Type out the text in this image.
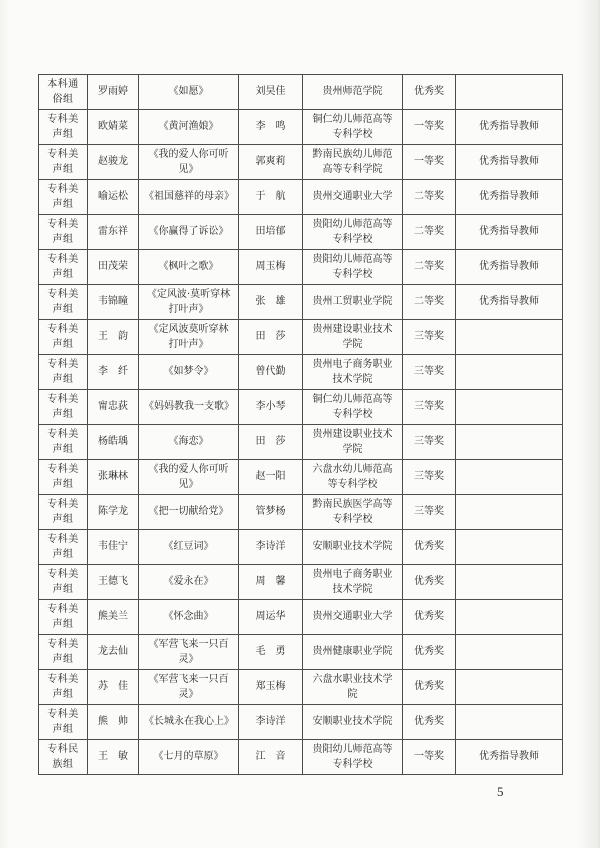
本科通俗组	罗雨婷	《如愿》	刘昊佳	贵州师范学院	优秀奖	
专科美声组	欧婧菜	《黄河渔娘》	李　鸣	铜仁幼儿师范高等专科学校	一等奖	优秀指导教师
专科美声组	赵骏龙	《我的爱人你可听见》	郭爽莉	黔南民族幼儿师范高等专科学院	一等奖	优秀指导教师
专科美声组	喻运松	《祖国慈祥的母亲》	于　航	贵州交通职业大学	二等奖	优秀指导教师
专科美声组	雷东祥	《你赢得了诉讼》	田培郁	贵阳幼儿师范高等专科学校	二等奖	优秀指导教师
专科美声组	田茂荣	《枫叶之歌》	周玉梅	贵阳幼儿师范高等专科学校	二等奖	优秀指导教师
专科美声组	韦锦瞳	《定风波·莫听穿林打叶声》	张　雄	贵州工贸职业学院	二等奖	优秀指导教师
专科美声组	王　韵	《定风波莫听穿林打叶声》	田　莎	贵州建设职业技术学院	三等奖	
专科美声组	李　纤	《如梦令》	曾代勤	贵州电子商务职业技术学院	三等奖	
专科美声组	甯忠荻	《妈妈教我一支歌》	李小琴	铜仁幼儿师范高等专科学校	三等奖	
专科美声组	杨皓瑀	《海恋》	田　莎	贵州建设职业技术学院	三等奖	
专科美声组	张琳林	《我的爱人你可听见》	赵一阳	六盘水幼儿师范高等专科学校	三等奖	
专科美声组	陈学龙	《把一切献给党》	管梦杨	黔南民族医学高等专科学校	三等奖	
专科美声组	韦佳宁	《红豆词》	李诗洋	安顺职业技术学院	优秀奖	
专科美声组	王德飞	《爱永在》	周　馨	贵州电子商务职业技术学院	优秀奖	
专科美声组	熊美兰	《怀念曲》	周运华	贵州交通职业大学	优秀奖	
专科美声组	龙去仙	《军营飞来一只百灵》	毛　勇	贵州健康职业学院	优秀奖	
专科美声组	苏　佳	《军营飞来一只百灵》	郑玉梅	六盘水职业技术学院	优秀奖	
专科美声组	熊　帅	《长城永在我心上》	李诗洋	安顺职业技术学院	优秀奖	
专科民族组	王　敏	《七月的草原》	江　音	贵阳幼儿师范高等专科学校	一等奖	优秀指导教师
5
